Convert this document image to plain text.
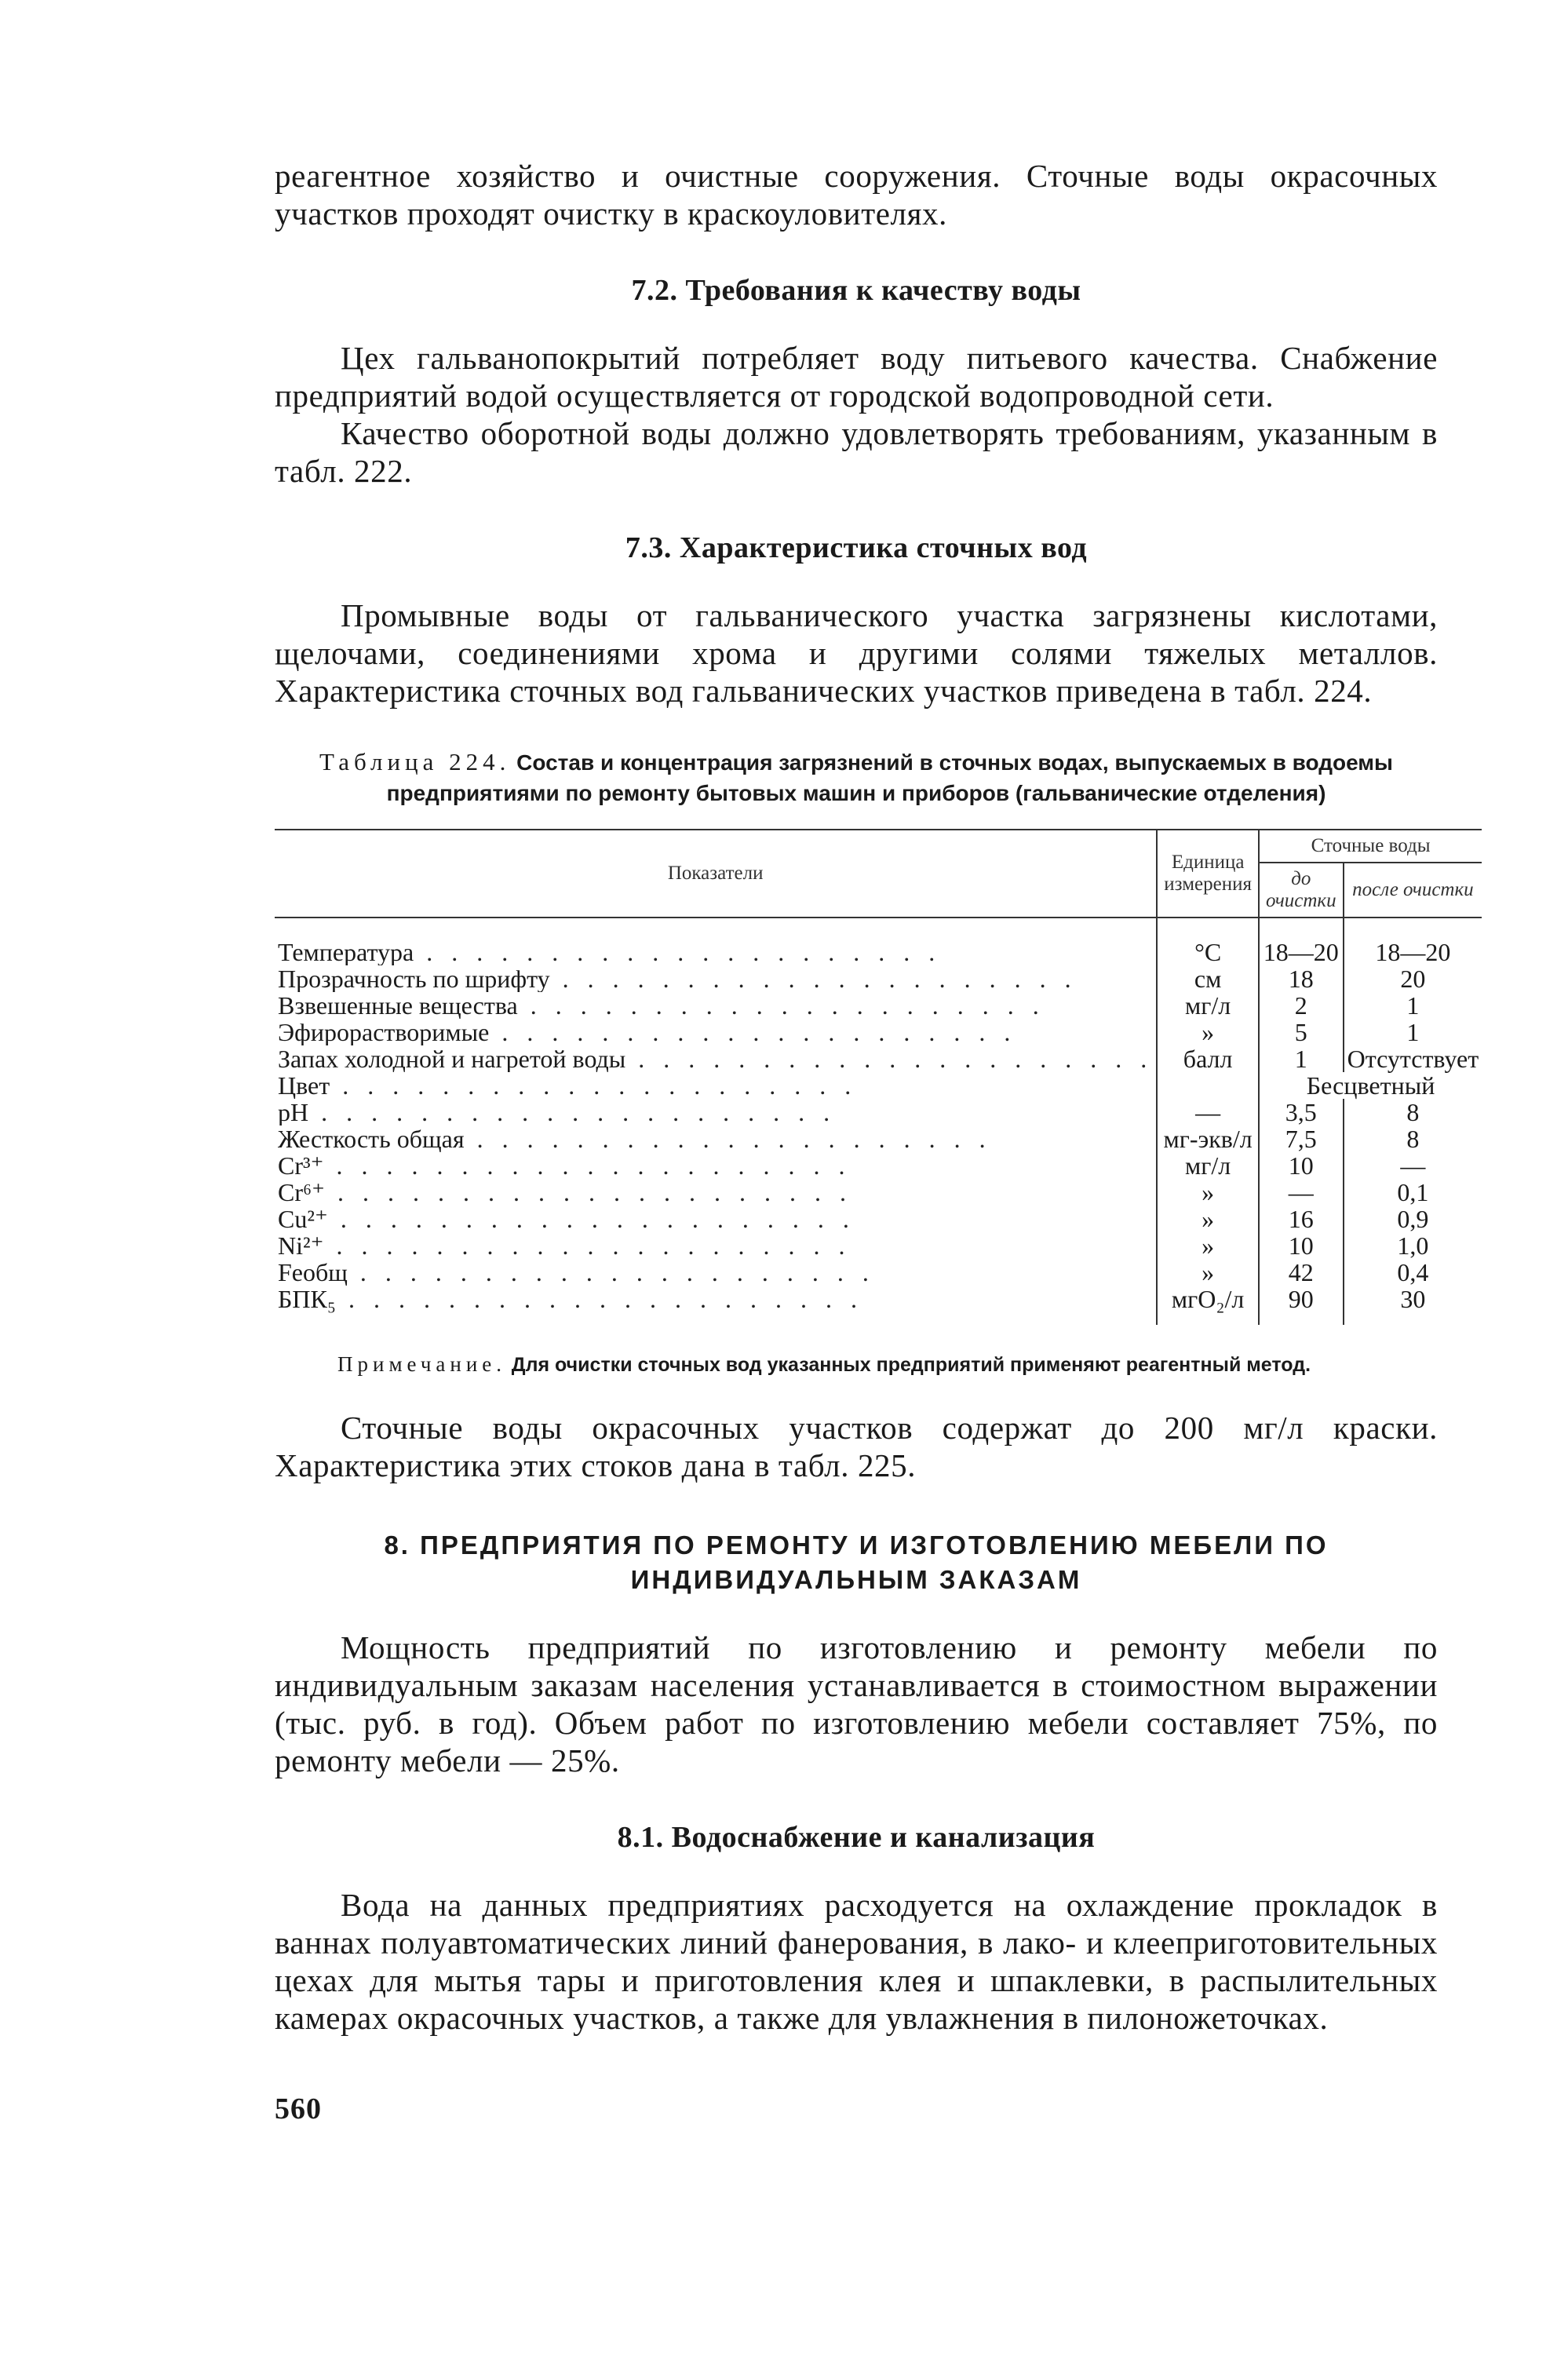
реагентное хозяйство и очистные сооружения. Сточные воды окрасочных участков проходят очистку в краскоуловителях.

7.2. Требования к качеству воды

Цех гальванопокрытий потребляет воду питьевого качества. Снабжение предприятий водой осуществляется от городской водопроводной сети.

Качество оборотной воды должно удовлетворять требованиям, указанным в табл. 222.

7.3. Характеристика сточных вод

Промывные воды от гальванического участка загрязнены кислотами, щелочами, соединениями хрома и другими солями тяжелых металлов. Характеристика сточных вод гальванических участков приведена в табл. 224.

Таблица 224. Состав и концентрация загрязнений в сточных водах, выпускаемых в водоемы предприятиями по ремонту бытовых машин и приборов (гальванические отделения)
Показатели	Единица измерения	Сточные воды	
		до очистки	после очистки
Температура . . . . . . . . . . . . . . . . . . . . .	°С	18—20	18—20
Прозрачность по шрифту . . . . . . . . . . . . . . . . . . . . .	см	18	20
Взвешенные вещества . . . . . . . . . . . . . . . . . . . . .	мг/л	2	1
Эфирорастворимые . . . . . . . . . . . . . . . . . . . . .	»	5	1
Запах холодной и нагретой воды . . . . . . . . . . . . . . . . . . . . .	балл	1	Отсутствует
Цвет . . . . . . . . . . . . . . . . . . . . .		Бесцветный	
pH . . . . . . . . . . . . . . . . . . . . .	—	3,5	8
Жесткость общая . . . . . . . . . . . . . . . . . . . . .	мг-экв/л	7,5	8
Cr³⁺ . . . . . . . . . . . . . . . . . . . . .	мг/л	10	—
Cr⁶⁺ . . . . . . . . . . . . . . . . . . . . .	»	—	0,1
Cu²⁺ . . . . . . . . . . . . . . . . . . . . .	»	16	0,9
Ni²⁺ . . . . . . . . . . . . . . . . . . . . .	»	10	1,0
Feобщ . . . . . . . . . . . . . . . . . . . . .	»	42	0,4
БПК₅ . . . . . . . . . . . . . . . . . . . . .	мгO₂/л	90	30
Примечание. Для очистки сточных вод указанных предприятий применяют реагентный метод.

Сточные воды окрасочных участков содержат до 200 мг/л краски. Характеристика этих стоков дана в табл. 225.

8. ПРЕДПРИЯТИЯ ПО РЕМОНТУ И ИЗГОТОВЛЕНИЮ МЕБЕЛИ ПО ИНДИВИДУАЛЬНЫМ ЗАКАЗАМ

Мощность предприятий по изготовлению и ремонту мебели по индивидуальным заказам населения устанавливается в стоимостном выражении (тыс. руб. в год). Объем работ по изготовлению мебели составляет 75%, по ремонту мебели — 25%.

8.1. Водоснабжение и канализация

Вода на данных предприятиях расходуется на охлаждение прокладок в ваннах полуавтоматических линий фанерования, в лако- и клееприготовительных цехах для мытья тары и приготовления клея и шпаклевки, в распылительных камерах окрасочных участков, а также для увлажнения в пилоножеточках.

560
